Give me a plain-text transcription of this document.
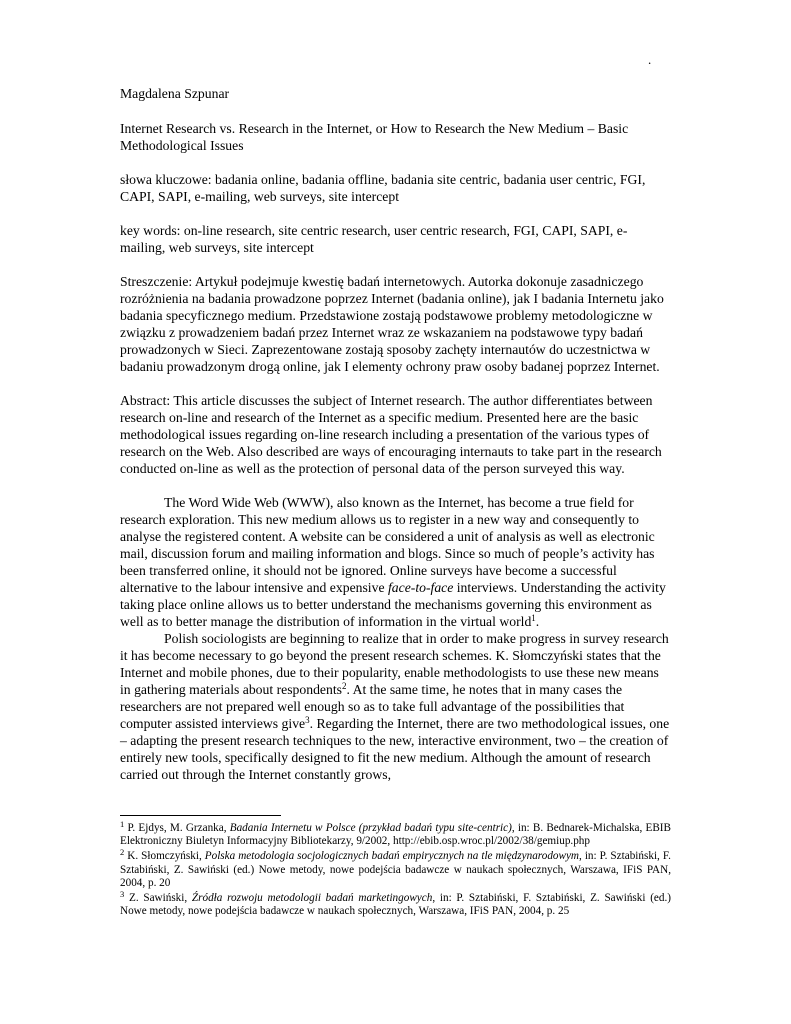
.

Magdalena Szpunar

Internet Research vs. Research in the Internet, or How to Research the New Medium – Basic Methodological Issues

słowa kluczowe: badania online, badania offline, badania site centric, badania user centric, FGI, CAPI, SAPI, e-mailing, web surveys, site intercept

key words: on-line research, site centric research, user centric research, FGI, CAPI, SAPI, e-mailing, web surveys, site intercept

Streszczenie: Artykuł podejmuje kwestię badań internetowych. Autorka dokonuje zasadniczego rozróżnienia na badania prowadzone poprzez Internet (badania online), jak I badania Internetu jako badania specyficznego medium. Przedstawione zostają podstawowe problemy metodologiczne w związku z prowadzeniem badań przez Internet wraz ze wskazaniem na podstawowe typy badań prowadzonych w Sieci. Zaprezentowane zostają sposoby zachęty internautów do uczestnictwa w badaniu prowadzonym drogą online, jak I elementy ochrony praw osoby badanej poprzez Internet.

Abstract: This article discusses the subject of Internet research. The author differentiates between research on-line and research of the Internet as a specific medium. Presented here are the basic methodological issues regarding on-line research including a presentation of the various types of research on the Web. Also described are ways of encouraging internauts to take part in the research conducted on-line as well as the protection of personal data of the person surveyed this way.

The Word Wide Web (WWW), also known as the Internet, has become a true field for research exploration. This new medium allows us to register in a new way and consequently to analyse the registered content. A website can be considered a unit of analysis as well as electronic mail, discussion forum and mailing information and blogs. Since so much of people’s activity has been transferred online, it should not be ignored. Online surveys have become a successful alternative to the labour intensive and expensive face-to-face interviews. Understanding the activity taking place online allows us to better understand the mechanisms governing this environment as well as to better manage the distribution of information in the virtual world$^1$.

Polish sociologists are beginning to realize that in order to make progress in survey research it has become necessary to go beyond the present research schemes. K. Słomczyński states that the Internet and mobile phones, due to their popularity, enable methodologists to use these new means in gathering materials about respondents$^2$. At the same time, he notes that in many cases the researchers are not prepared well enough so as to take full advantage of the possibilities that computer assisted interviews give$^3$. Regarding the Internet, there are two methodological issues, one – adapting the present research techniques to the new, interactive environment, two – the creation of entirely new tools, specifically designed to fit the new medium. Although the amount of research carried out through the Internet constantly grows,

$^1$ P. Ejdys, M. Grzanka, Badania Internetu w Polsce (przykład badań typu site-centric), in: B. Bednarek-Michalska, EBIB Elektroniczny Biuletyn Informacyjny Bibliotekarzy, 9/2002, http://ebib.osp.wroc.pl/2002/38/gemiup.php

$^2$ K. Słomczyński, Polska metodologia socjologicznych badań empirycznych na tle międzynarodowym, in: P. Sztabiński, F. Sztabiński, Z. Sawiński (ed.) Nowe metody, nowe podejścia badawcze w naukach społecznych, Warszawa, IFiS PAN, 2004, p. 20

$^3$ Z. Sawiński, Źródła rozwoju metodologii badań marketingowych, in: P. Sztabiński, F. Sztabiński, Z. Sawiński (ed.) Nowe metody, nowe podejścia badawcze w naukach społecznych, Warszawa, IFiS PAN, 2004, p. 25
